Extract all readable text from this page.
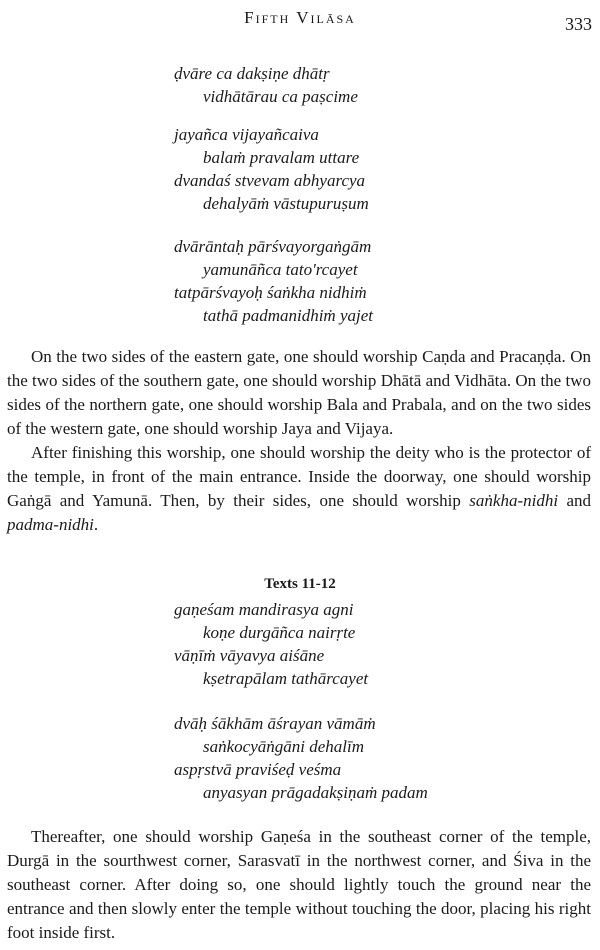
Fifth Vilāsa	333
ḍvāre ca dakṣiṇe dhātṛ
vidhātārau ca paṣcime
jayañca vijayañcaiva
balaṁ pravalam uttare
dvandaś stvevam abhyarcya
dehalyāṁ vāstupuruṣum
dvārāntaḥ pārśvayorgaṅgām
yamunāñca tato'rcayet
tatpārśvayoḥ śaṅkha nidhiṁ
tathā padmanidhiṁ yajet

On the two sides of the eastern gate, one should worship Caṇda and Pracaṇḍa. On the two sides of the southern gate, one should worship Dhātā and Vidhāta. On the two sides of the northern gate, one should worship Bala and Prabala, and on the two sides of the western gate, one should worship Jaya and Vijaya.

After finishing this worship, one should worship the deity who is the protector of the temple, in front of the main entrance. Inside the doorway, one should worship Gaṅgā and Yamunā. Then, by their sides, one should worship saṅkha-nidhi and padma-nidhi.

Texts 11-12
gaṇeśam mandirasya agni
koṇe durgāñca nairṛte
vāṇīṁ vāyavya aiśāne
kṣetrapālam tathārcayet
dvāḥ śākhām āśrayan vāmāṁ
saṅkocyāṅgāni dehalīm
aspṛstvā praviśeḍ veśma
anyasyan prāgadakṣiṇaṁ padam

Thereafter, one should worship Gaṇeśa in the southeast corner of the temple, Durgā in the sourthwest corner, Sarasvatī in the northwest corner, and Śiva in the southeast corner. After doing so, one should lightly touch the ground near the entrance and then slowly enter the temple without touching the door, placing his right foot inside first.
